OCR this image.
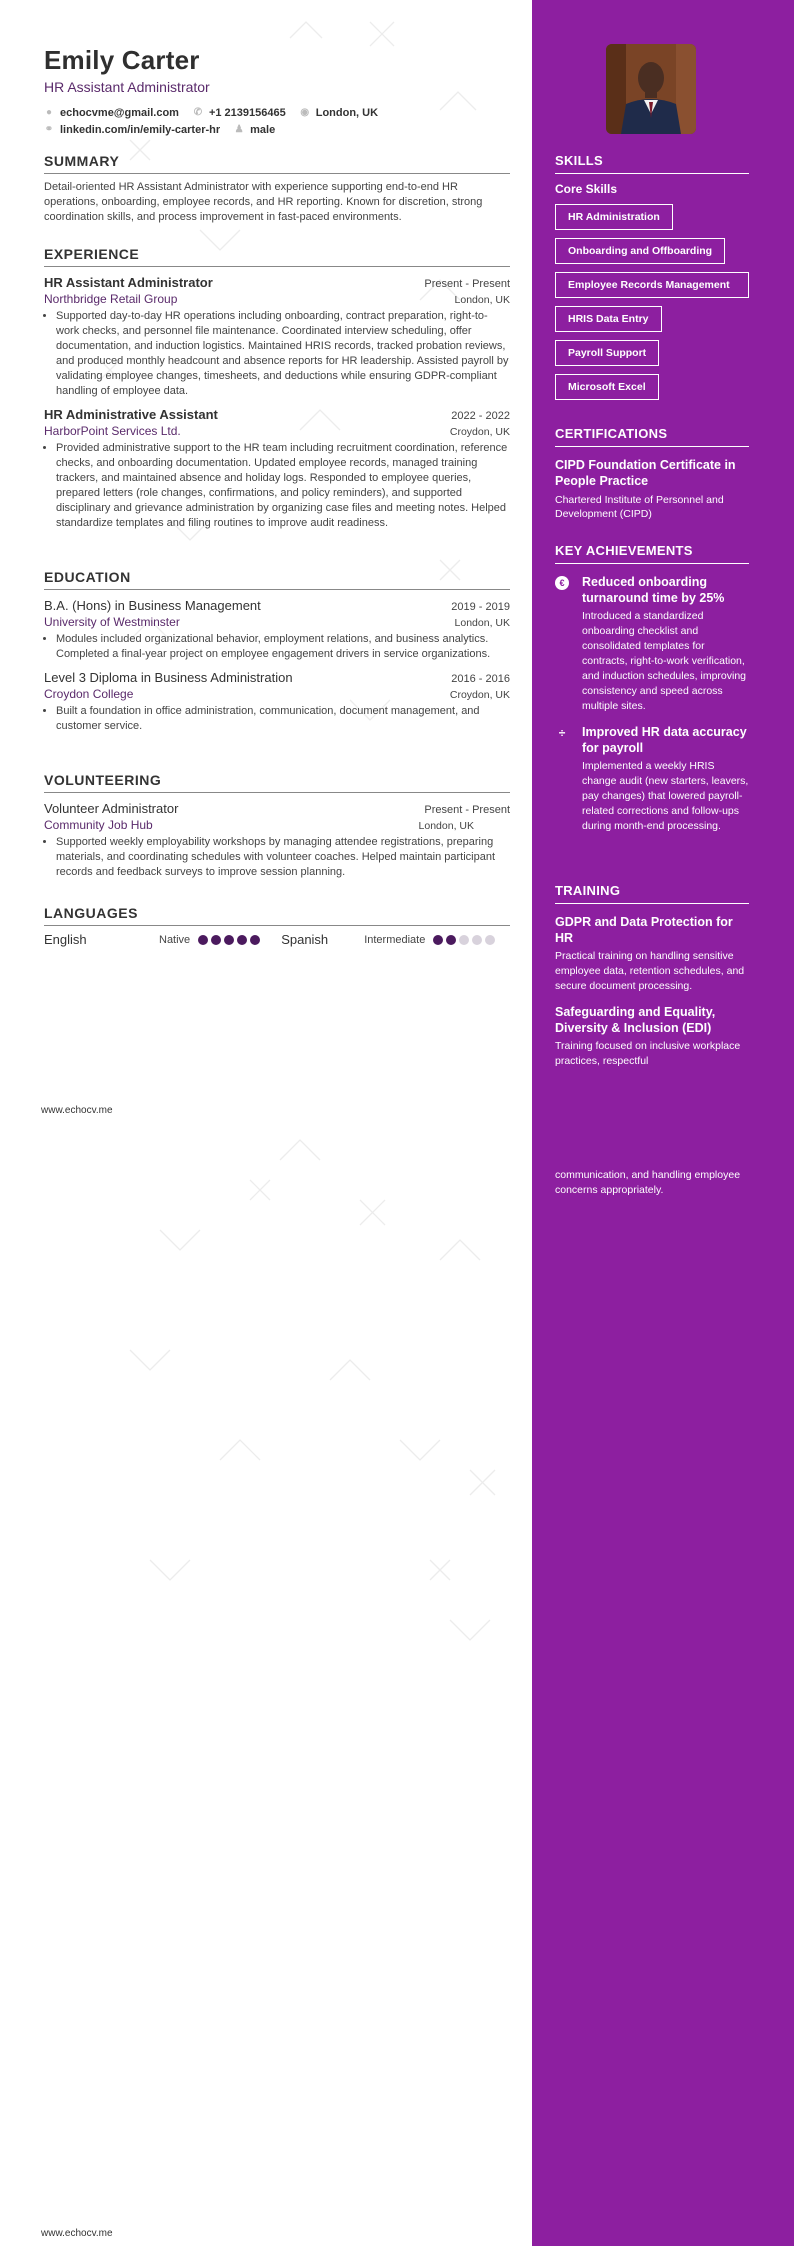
Emily Carter
HR Assistant Administrator
● echocvme@gmail.com ✆ +1 2139156465 ◉ London, UK
⚭ linkedin.com/in/emily-carter-hr ♟ male
SUMMARY
Detail-oriented HR Assistant Administrator with experience supporting end-to-end HR operations, onboarding, employee records, and HR reporting. Known for discretion, strong coordination skills, and process improvement in fast-paced environments.
EXPERIENCE
HR Assistant Administrator	Present - Present
Northbridge Retail Group	London, UK
• Supported day-to-day HR operations including onboarding, contract preparation, right-to-work checks, and personnel file maintenance. Coordinated interview scheduling, offer documentation, and induction logistics. Maintained HRIS records, tracked probation reviews, and produced monthly headcount and absence reports for HR leadership. Assisted payroll by validating employee changes, timesheets, and deductions while ensuring GDPR-compliant handling of employee data.
HR Administrative Assistant	2022 - 2022
HarborPoint Services Ltd.	Croydon, UK
• Provided administrative support to the HR team including recruitment coordination, reference checks, and onboarding documentation. Updated employee records, managed training trackers, and maintained absence and holiday logs. Responded to employee queries, prepared letters (role changes, confirmations, and policy reminders), and supported disciplinary and grievance administration by organizing case files and meeting notes. Helped standardize templates and filing routines to improve audit readiness.
EDUCATION
B.A. (Hons) in Business Management	2019 - 2019
University of Westminster	London, UK
• Modules included organizational behavior, employment relations, and business analytics. Completed a final-year project on employee engagement drivers in service organizations.
Level 3 Diploma in Business Administration	2016 - 2016
Croydon College	Croydon, UK
• Built a foundation in office administration, communication, document management, and customer service.
VOLUNTEERING
Volunteer Administrator	Present - Present
Community Job Hub	London, UK
• Supported weekly employability workshops by managing attendee registrations, preparing materials, and coordinating schedules with volunteer coaches. Helped maintain participant records and feedback surveys to improve session planning.
LANGUAGES
English	Native	Spanish	Intermediate
www.echocv.me
www.echocv.me
SKILLS
Core Skills
HR Administration
Onboarding and Offboarding
Employee Records Management
HRIS Data Entry
Payroll Support
Microsoft Excel
CERTIFICATIONS
CIPD Foundation Certificate in People Practice
Chartered Institute of Personnel and Development (CIPD)
KEY ACHIEVEMENTS
€	Reduced onboarding turnaround time by 25%
Introduced a standardized onboarding checklist and consolidated templates for contracts, right-to-work verification, and induction schedules, improving consistency and speed across multiple sites.
÷ Improved HR data accuracy for payroll
Implemented a weekly HRIS change audit (new starters, leavers, pay changes) that lowered payroll-related corrections and follow-ups during month-end processing.
TRAINING
GDPR and Data Protection for HR
Practical training on handling sensitive employee data, retention schedules, and secure document processing.
Safeguarding and Equality, Diversity & Inclusion (EDI)
Training focused on inclusive workplace practices, respectful
communication, and handling employee concerns appropriately.
